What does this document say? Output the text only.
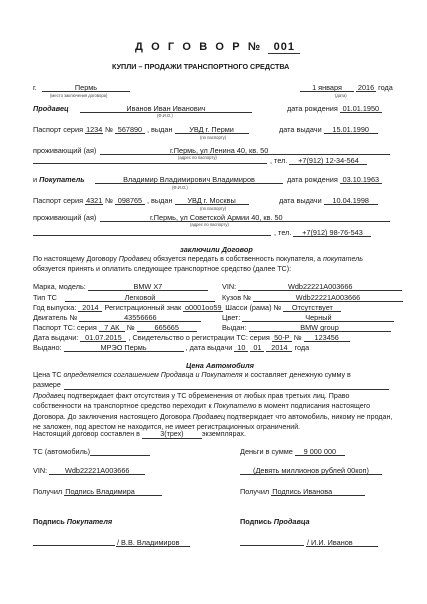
Д О Г О В О Р № 001
КУПЛИ – ПРОДАЖИ ТРАНСПОРТНОГО СРЕДСТВА
г.	Пермь
(место заключения договора)
1 января 2016 года
(дата)
Продавец	Иванов Иван Иванович
(Ф.И.О.)
дата рождения 01.01.1950
Паспорт серия 1234 № 567890 , выдан УВД г. Перми	дата выдачи 15.01.1990
(по паспорту)
проживающий (ая)	г.Пермь, ул Ленина 40, кв. 50
(адрес по паспорту)	, тел. +7(912) 12-34-564
и Покупатель	Владимир Владимирович Владимиров
(Ф.И.О.)
дата рождения 03.10.1963
Паспорт серия 4321 № 098765 , выдан УВД г. Москвы	дата выдачи 10.04.1998
(по паспорту)
проживающий (ая)	г.Пермь, ул Советской Армии 40, кв. 50
(адрес по паспорту)
, тел. +7(912) 98-76-543
заключили Договор
По настоящему Договору Продавец обязуется передать в собственность покупателя, а покупатель
обязуется принять и оплатить следующее транспортное средство (далее ТС):
Марка, модель:	BMW X7	VIN:	Wdb22221A003666
Тип ТС	Легковой	Кузов №	Wdb22221A003666
Год выпуска: 2014 Регистрационный знак о0001оо59 Шасси (рама) № Отсутствует
Двигатель №	43556666	Цвет:	Черный
Паспорт ТС: серия 7 АК №	665665	Выдан:	BMW group
Дата выдачи: 01.07.2015 , Свидетельство о регистрации ТС: серия 50-Р № 123456
Выдано:	МРЭО Пермь	, дата выдачи 10 01 2014 года
Цена Автомобиля
Цена ТС определяется соглашением Продавца и Покупателя и составляет денежную сумму в
размере
Продавец подтверждает факт отсутствия у ТС обременения от любых прав третьих лиц. Право собственности на транспортное средство переходит к Покупателю в момент подписания настоящего Договора. До заключения настоящего Договора Продавец подтверждает что автомобиль, никому не продан, не заложен, под арестом не находится, не имеет регистрационных ограничений.
Настоящий договор составлен в	3(трех)	экземплярах.
ТС (автомобиль)	Деньги в сумме 9 000 000
VIN: Wdb22221A003666	(Девять миллионов рублей 00коп)
Получил Подпись Владимира	Получил Подпись Иванова
Подпись Покупателя	Подпись Продавца
/ В.В. Владимиров	/ И.И. Иванов
